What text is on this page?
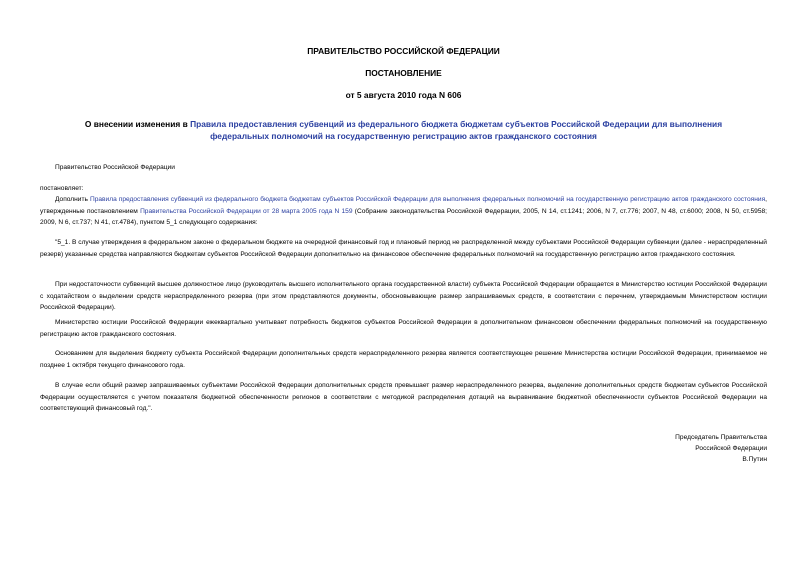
ПРАВИТЕЛЬСТВО РОССИЙСКОЙ ФЕДЕРАЦИИ
ПОСТАНОВЛЕНИЕ
от 5 августа 2010 года N 606
О внесении изменения в Правила предоставления субвенций из федерального бюджета бюджетам субъектов Российской Федерации для выполнения
федеральных полномочий на государственную регистрацию актов гражданского состояния
Правительство Российской Федерации
постановляет:
Дополнить Правила предоставления субвенций из федерального бюджета бюджетам субъектов Российской Федерации для выполнения федеральных полномочий на государственную регистрацию актов гражданского состояния, утвержденные постановлением Правительства Российской Федерации от 28 марта 2005 года N 159 (Собрание законодательства Российской Федерации, 2005, N 14, ст.1241; 2006, N 7, ст.776; 2007, N 48, ст.6000; 2008, N 50, ст.5958; 2009, N 6, ст.737; N 41, ст.4784), пунктом 5_1 следующего содержания:
"5_1. В случае утверждения в федеральном законе о федеральном бюджете на очередной финансовый год и плановый период не распределенной между субъектами Российской Федерации субвенции (далее - нераспределенный резерв) указанные средства направляются бюджетам субъектов Российской Федерации дополнительно на финансовое обеспечение федеральных полномочий на государственную регистрацию актов гражданского состояния.
При недостаточности субвенций высшее должностное лицо (руководитель высшего исполнительного органа государственной власти) субъекта Российской Федерации обращается в Министерство юстиции Российской Федерации с ходатайством о выделении средств нераспределенного резерва (при этом представляются документы, обосновывающие размер запрашиваемых средств, в соответствии с перечнем, утверждаемым Министерством юстиции Российской Федерации).
Министерство юстиции Российской Федерации ежеквартально учитывает потребность бюджетов субъектов Российской Федерации в дополнительном финансовом обеспечении федеральных полномочий на государственную регистрацию актов гражданского состояния.
Основанием для выделения бюджету субъекта Российской Федерации дополнительных средств нераспределенного резерва является соответствующее решение Министерства юстиции Российской Федерации, принимаемое не позднее 1 октября текущего финансового года.
В случае если общий размер запрашиваемых субъектами Российской Федерации дополнительных средств превышает размер нераспределенного резерва, выделение дополнительных средств бюджетам субъектов Российской Федерации осуществляется с учетом показателя бюджетной обеспеченности регионов в соответствии с методикой распределения дотаций на выравнивание бюджетной обеспеченности субъектов Российской Федерации на соответствующий финансовый год.".
Председатель Правительства
Российской Федерации
В.Путин
